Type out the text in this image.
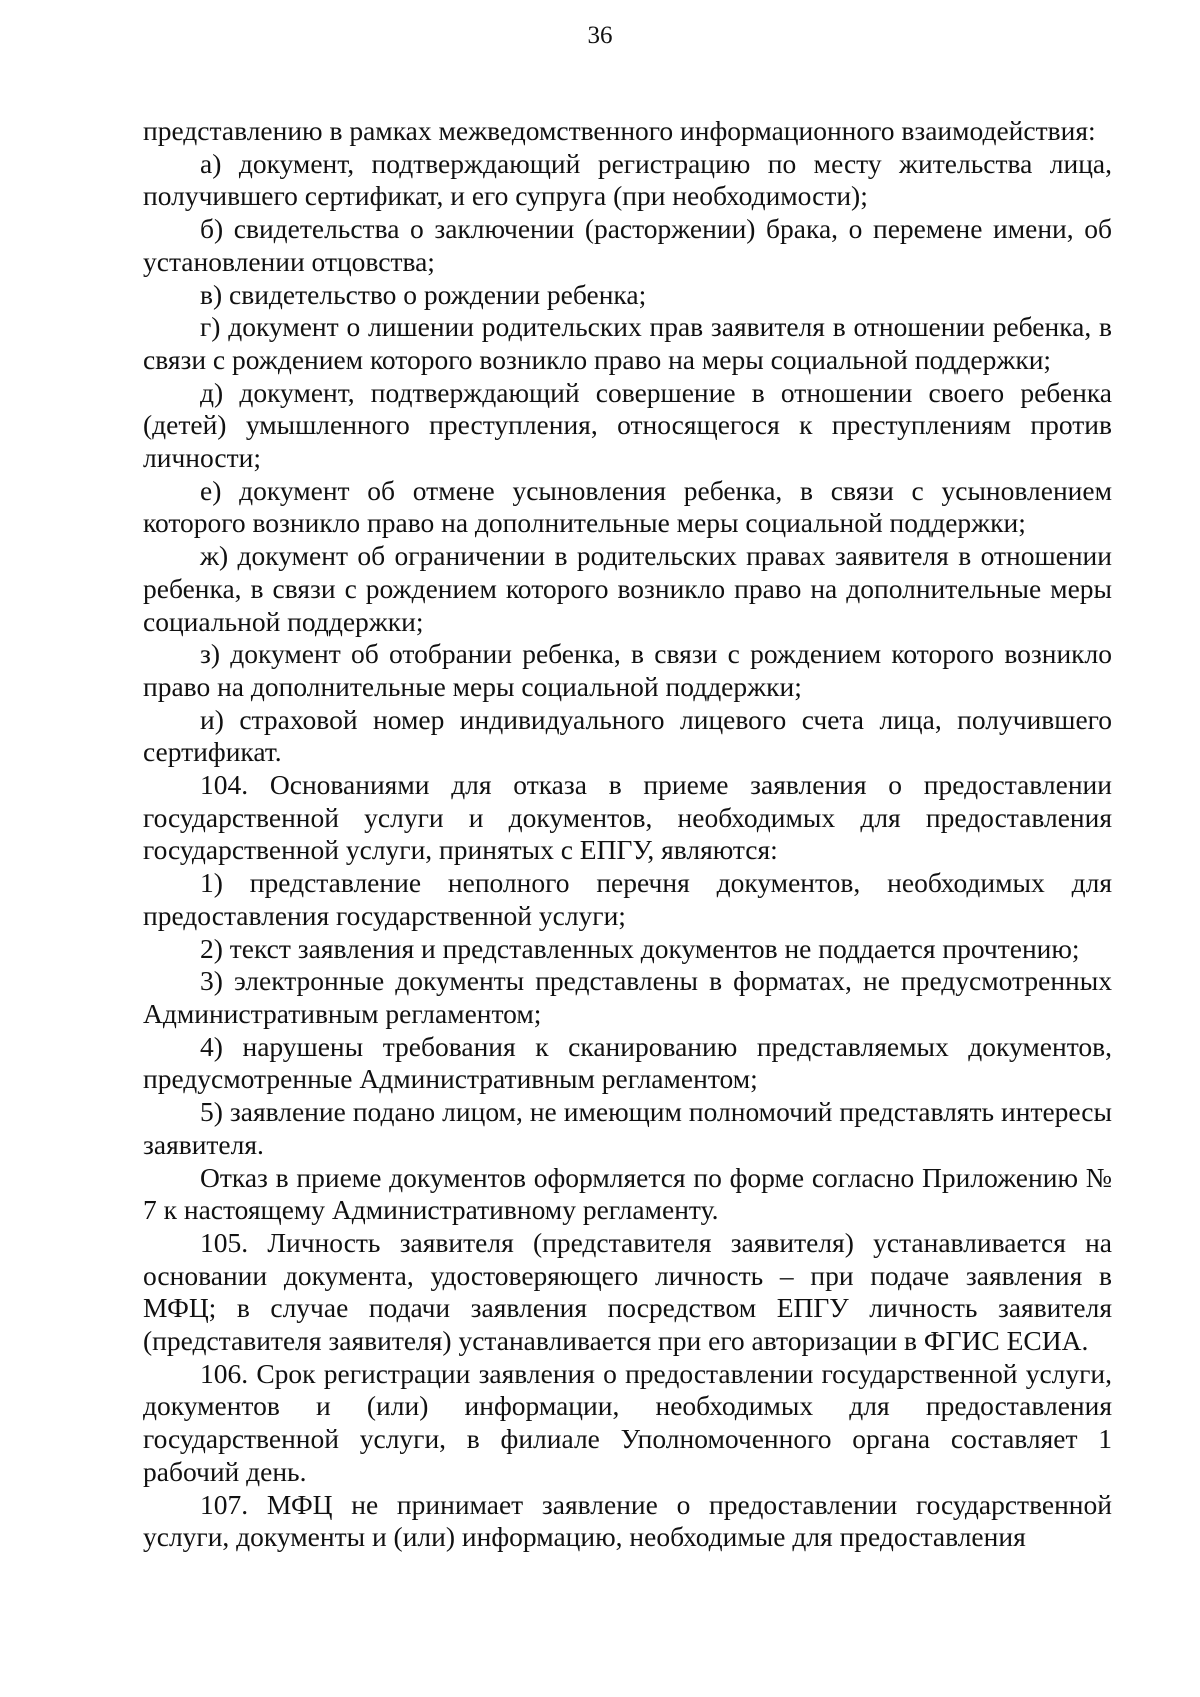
36

представлению в рамках межведомственного информационного взаимодействия:

а) документ, подтверждающий регистрацию по месту жительства лица, получившего сертификат, и его супруга (при необходимости);

б) свидетельства о заключении (расторжении) брака, о перемене имени, об установлении отцовства;

в) свидетельство о рождении ребенка;

г) документ о лишении родительских прав заявителя в отношении ребенка, в связи с рождением которого возникло право на меры социальной поддержки;

д) документ, подтверждающий совершение в отношении своего ребенка (детей) умышленного преступления, относящегося к преступлениям против личности;

е) документ об отмене усыновления ребенка, в связи с усыновлением которого возникло право на дополнительные меры социальной поддержки;

ж) документ об ограничении в родительских правах заявителя в отношении ребенка, в связи с рождением которого возникло право на дополнительные меры социальной поддержки;

з) документ об отобрании ребенка, в связи с рождением которого возникло право на дополнительные меры социальной поддержки;

и) страховой номер индивидуального лицевого счета лица, получившего сертификат.

104. Основаниями для отказа в приеме заявления о предоставлении государственной услуги и документов, необходимых для предоставления государственной услуги, принятых с ЕПГУ, являются:

1) представление неполного перечня документов, необходимых для предоставления государственной услуги;

2) текст заявления и представленных документов не поддается прочтению;

3) электронные документы представлены в форматах, не предусмотренных Административным регламентом;

4) нарушены требования к сканированию представляемых документов, предусмотренные Административным регламентом;

5) заявление подано лицом, не имеющим полномочий представлять интересы заявителя.

Отказ в приеме документов оформляется по форме согласно Приложению № 7 к настоящему Административному регламенту.

105. Личность заявителя (представителя заявителя) устанавливается на основании документа, удостоверяющего личность – при подаче заявления в МФЦ; в случае подачи заявления посредством ЕПГУ личность заявителя (представителя заявителя) устанавливается при его авторизации в ФГИС ЕСИА.

106. Срок регистрации заявления о предоставлении государственной услуги, документов и (или) информации, необходимых для предоставления государственной услуги, в филиале Уполномоченного органа составляет 1 рабочий день.

107. МФЦ не принимает заявление о предоставлении государственной услуги, документы и (или) информацию, необходимые для предоставления
